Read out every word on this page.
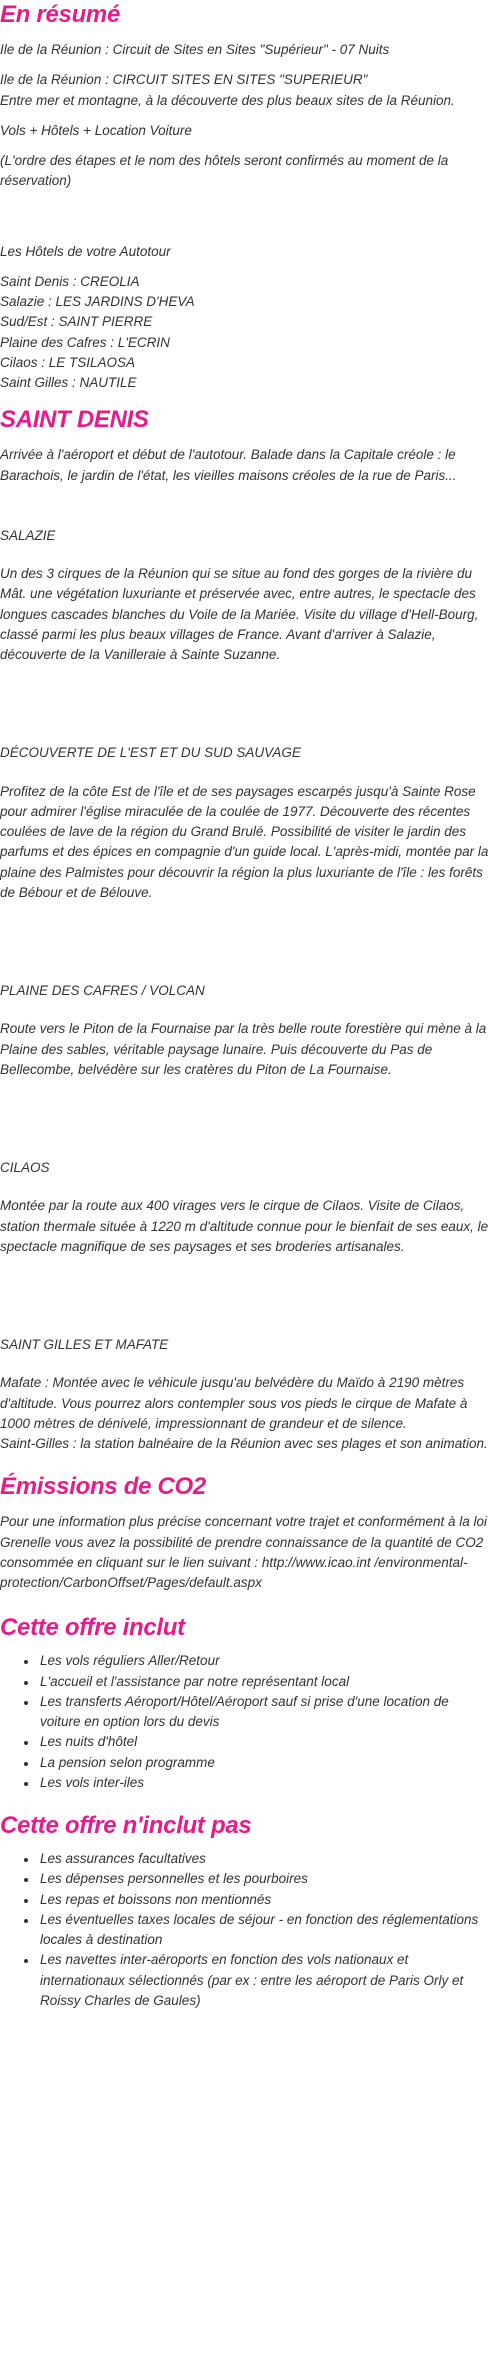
En résumé

Ile de la Réunion : Circuit de Sites en Sites "Supérieur" - 07 Nuits

Ile de la Réunion : CIRCUIT SITES EN SITES "SUPERIEUR"

Entre mer et montagne, à la découverte des plus beaux sites de la Réunion.

Vols + Hôtels + Location Voiture

(L'ordre des étapes et le nom des hôtels seront confirmés au moment de la réservation)

Les Hôtels de votre Autotour

Saint Denis : CREOLIA

Salazie : LES JARDINS D'HEVA

Sud/Est : SAINT PIERRE

Plaine des Cafres : L'ECRIN

Cilaos : LE TSILAOSA

Saint Gilles : NAUTILE

SAINT DENIS

Arrivée à l'aéroport et début de l'autotour. Balade dans la Capitale créole : le Barachois, le jardin de l'état, les vieilles maisons créoles de la rue de Paris...

SALAZIE

Un des 3 cirques de la Réunion qui se situe au fond des gorges de la rivière du Mât. une végétation luxuriante et préservée avec, entre autres, le spectacle des longues cascades blanches du Voile de la Mariée. Visite du village d'Hell-Bourg, classé parmi les plus beaux villages de France. Avant d'arriver à Salazie, découverte de la Vanilleraie à Sainte Suzanne.

DÉCOUVERTE DE L'EST ET DU SUD SAUVAGE

Profitez de la côte Est de l'île et de ses paysages escarpés jusqu'à Sainte Rose pour admirer l'église miraculée de la coulée de 1977. Découverte des récentes coulées de lave de la région du Grand Brulé. Possibilité de visiter le jardin des parfums et des épices en compagnie d'un guide local. L'après-midi, montée par la plaine des Palmistes pour découvrir la région la plus luxuriante de l'île : les forêts de Bébour et de Bélouve.

PLAINE DES CAFRES / VOLCAN

Route vers le Piton de la Fournaise par la très belle route forestière qui mène à la Plaine des sables, véritable paysage lunaire. Puis découverte du Pas de Bellecombe, belvédère sur les cratères du Piton de La Fournaise.

CILAOS

Montée par la route aux 400 virages vers le cirque de Cilaos. Visite de Cilaos, station thermale située à 1220 m d'altitude connue pour le bienfait de ses eaux, le spectacle magnifique de ses paysages et ses broderies artisanales.

SAINT GILLES ET MAFATE

Mafate : Montée avec le véhicule jusqu'au belvédère du Maïdo à 2190 mètres d'altitude. Vous pourrez alors contempler sous vos pieds le cirque de Mafate à 1000 mètres de dénivelé, impressionnant de grandeur et de silence.

Saint-Gilles : la station balnéaire de la Réunion avec ses plages et son animation.

Émissions de CO2

Pour une information plus précise concernant votre trajet et conformément à la loi Grenelle vous avez la possibilité de prendre connaissance de la quantité de CO2 consommée en cliquant sur le lien suivant : http://www.icao.int /environmental-protection/CarbonOffset/Pages/default.aspx

Cette offre inclut
• Les vols réguliers Aller/Retour
• L'accueil et l'assistance par notre représentant local
• Les transferts Aéroport/Hôtel/Aéroport sauf si prise d'une location de voiture en option lors du devis
• Les nuits d'hôtel
• La pension selon programme
• Les vols inter-iles
Cette offre n'inclut pas
• Les assurances facultatives
• Les dépenses personnelles et les pourboires
• Les repas et boissons non mentionnés
• Les éventuelles taxes locales de séjour - en fonction des réglementations locales à destination
• Les navettes inter-aéroports en fonction des vols nationaux et internationaux sélectionnés (par ex : entre les aéroport de Paris Orly et Roissy Charles de Gaules)
